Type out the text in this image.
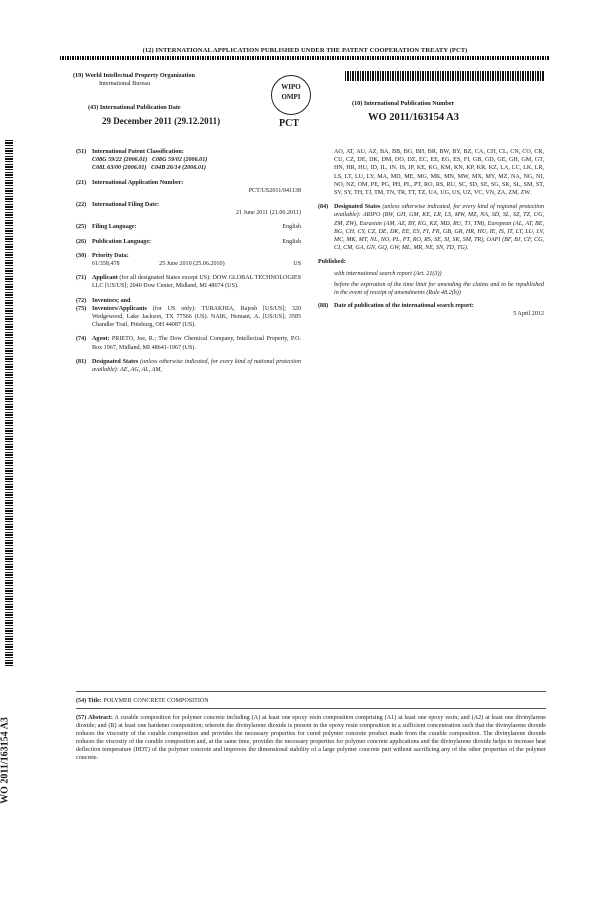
(12) INTERNATIONAL APPLICATION PUBLISHED UNDER THE PATENT COOPERATION TREATY (PCT)
(19) World Intellectual Property Organization
International Bureau	WIPO
OMPI
PCT
(43) International Publication Date
29 December 2011 (29.12.2011)
(10) International Publication Number
WO 2011/163154 A3
WO 2011/163154 A3
(51) International Patent Classification:
C08G 59/22 (2006.01) C08G 59/02 (2006.01)
C08L 63/00 (2006.01) C04B 26/14 (2006.01)
(21) International Application Number:

PCT/US2011/041138
(22) International Filing Date:

21 June 2011 (21.06.2011)
(25) Filing Language:	English
(26) Publication Language:	English
(30) Priority Data:
61/358,478	25 June 2010 (25.06.2010)	US
(71) Applicant (for all designated States except US): DOW GLOBAL TECHNOLOGIES LLC [US/US]; 2040 Dow Center, Midland, MI 48674 (US).
(72) Inventors; and
(75) Inventors/Applicants (for US only): TURAKHIA, Rajesh [US/US]; 320 Wedgewood, Lake Jackson, TX 77566 (US). NAIK, Hemant, A. [US/US]; 3585 Chandler Trail, Pittsburg, OH 44087 (US).
(74) Agent: PRIETO, Joe, R.; The Dow Chemical Company, Intellectual Property, P.O. Box 1967, Midland, MI 48641-1967 (US).
(81) Designated States (unless otherwise indicated, for every kind of national protection available): AE, AG, AL, AM,
AO, AT, AU, AZ, BA, BB, BG, BH, BR, BW, BY, BZ, CA, CH, CL, CN, CO, CR, CU, CZ, DE, DK, DM, DO, DZ, EC, EE, EG, ES, FI, GB, GD, GE, GH, GM, GT, HN, HR, HU, ID, IL, IN, IS, JP, KE, KG, KM, KN, KP, KR, KZ, LA, LC, LK, LR, LS, LT, LU, LY, MA, MD, ME, MG, MK, MN, MW, MX, MY, MZ, NA, NG, NI, NO, NZ, OM, PE, PG, PH, PL, PT, RO, RS, RU, SC, SD, SE, SG, SK, SL, SM, ST, SV, SY, TH, TJ, TM, TN, TR, TT, TZ, UA, UG, US, UZ, VC, VN, ZA, ZM, ZW.
(84) Designated States (unless otherwise indicated, for every kind of regional protection available): ARIPO (BW, GH, GM, KE, LR, LS, MW, MZ, NA, SD, SL, SZ, TZ, UG, ZM, ZW), Eurasian (AM, AZ, BY, KG, KZ, MD, RU, TJ, TM), European (AL, AT, BE, BG, CH, CY, CZ, DE, DK, EE, ES, FI, FR, GB, GR, HR, HU, IE, IS, IT, LT, LU, LV, MC, MK, MT, NL, NO, PL, PT, RO, RS, SE, SI, SK, SM, TR), OAPI (BF, BJ, CF, CG, CI, CM, GA, GN, GQ, GW, ML, MR, NE, SN, TD, TG).
Published:
with international search report (Art. 21(3))
before the expiration of the time limit for amending the claims and to be republished in the event of receipt of amendments (Rule 48.2(h))
(88) Date of publication of the international search report:
5 April 2012
(54) Title: POLYMER CONCRETE COMPOSITION
(57) Abstract: A curable composition for polymer concrete including (A) at least one epoxy resin composition comprising (A1) at least one epoxy resin; and (A2) at least one divinylarene dioxide; and (B) at least one hardener composition; wherein the divinylarene dioxide is present in the epoxy resin composition in a sufficient concentration such that the divinylarene dioxide reduces the viscosity of the curable composition and provides the necessary properties for cured polymer concrete product made from the curable composition. The divinylarene dioxide reduces the viscosity of the curable composition and, at the same time, provides the necessary properties for polymer concrete applications and the divinylarene dioxide helps to increase heat deflection temperature (HDT) of the polymer concrete and improves the dimensional stability of a large polymer concrete part without sacrificing any of the other properties of the polymer concrete.
